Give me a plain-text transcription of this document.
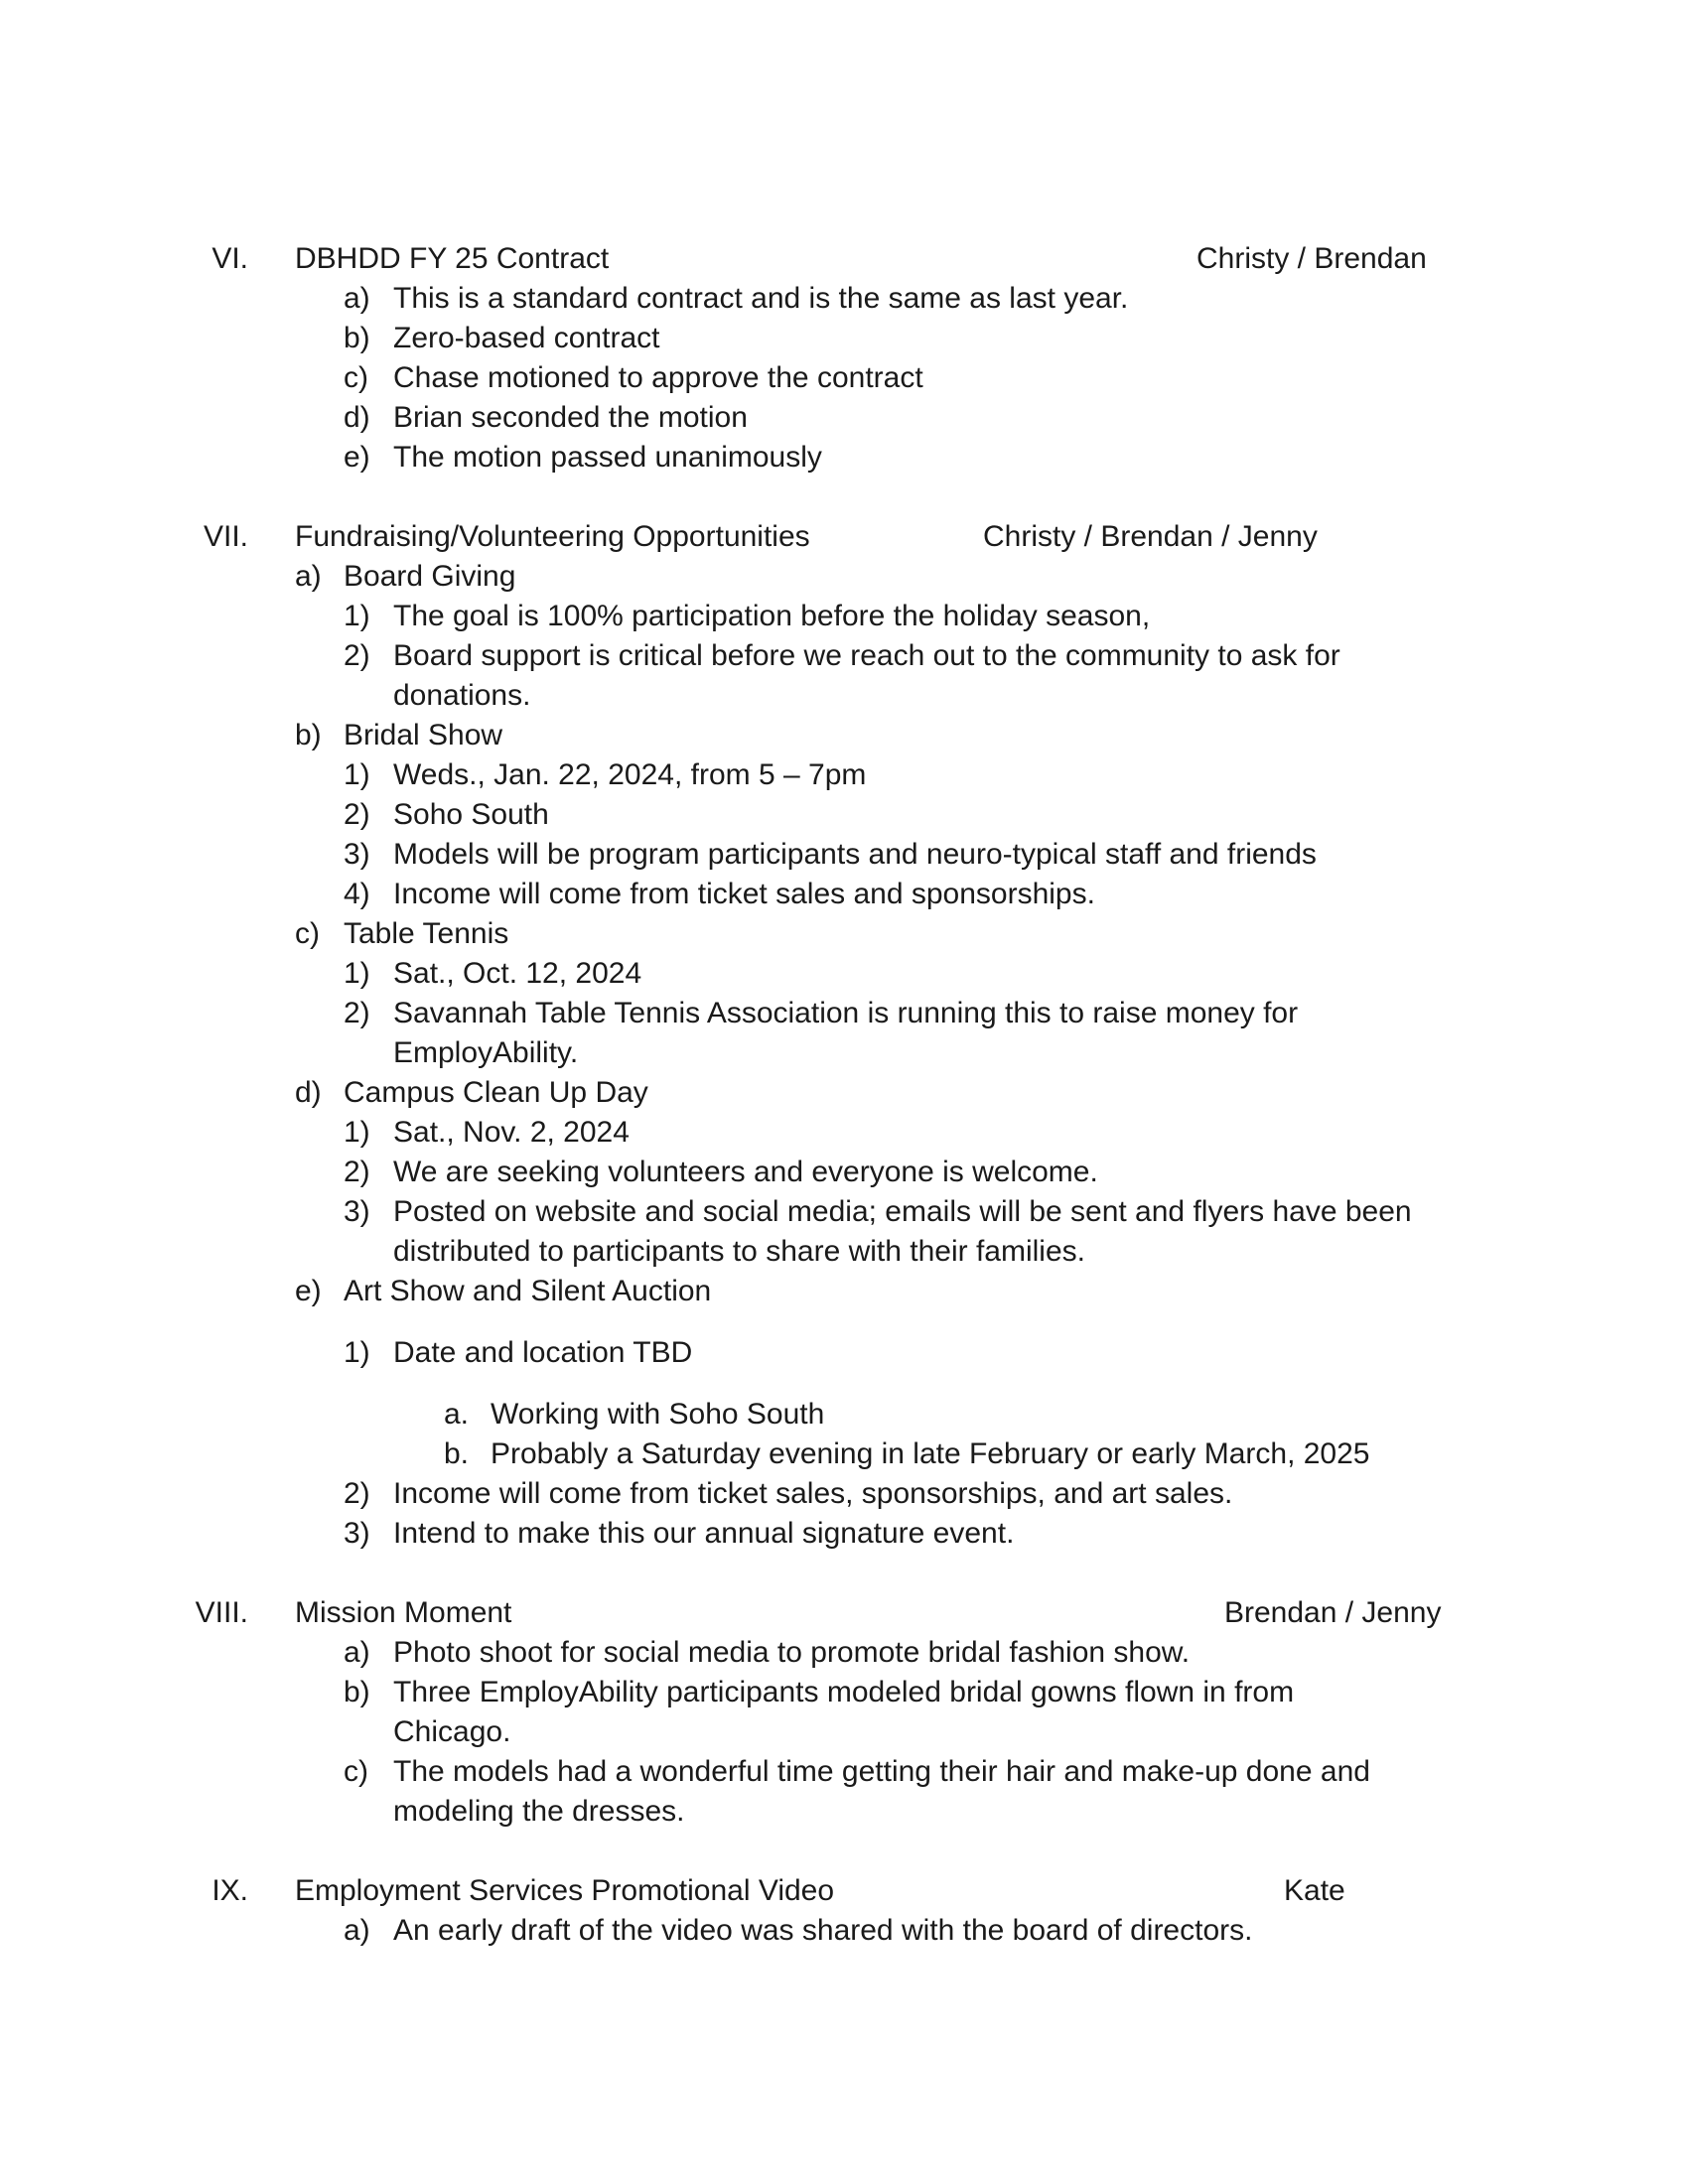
VI. DBHDD FY 25 Contract	Christy / Brendan
a) This is a standard contract and is the same as last year.
b) Zero-based contract
c) Chase motioned to approve the contract
d) Brian seconded the motion
e) The motion passed unanimously
VII. Fundraising/Volunteering Opportunities	Christy / Brendan / Jenny
a) Board Giving
1) The goal is 100% participation before the holiday season,
2) Board support is critical before we reach out to the community to ask for
donations.
b) Bridal Show
1) Weds., Jan. 22, 2024, from 5 – 7pm
2) Soho South
3) Models will be program participants and neuro-typical staff and friends
4) Income will come from ticket sales and sponsorships.
c) Table Tennis
1) Sat., Oct. 12, 2024
2) Savannah Table Tennis Association is running this to raise money for
EmployAbility.
d) Campus Clean Up Day
1) Sat., Nov. 2, 2024
2) We are seeking volunteers and everyone is welcome.
3) Posted on website and social media; emails will be sent and flyers have been
distributed to participants to share with their families.
e) Art Show and Silent Auction
1) Date and location TBD
a. Working with Soho South
b. Probably a Saturday evening in late February or early March, 2025
2) Income will come from ticket sales, sponsorships, and art sales.
3) Intend to make this our annual signature event.
VIII. Mission Moment	Brendan / Jenny
a) Photo shoot for social media to promote bridal fashion show.
b) Three EmployAbility participants modeled bridal gowns flown in from
Chicago.
c) The models had a wonderful time getting their hair and make-up done and
modeling the dresses.
IX. Employment Services Promotional Video	Kate
a) An early draft of the video was shared with the board of directors.
